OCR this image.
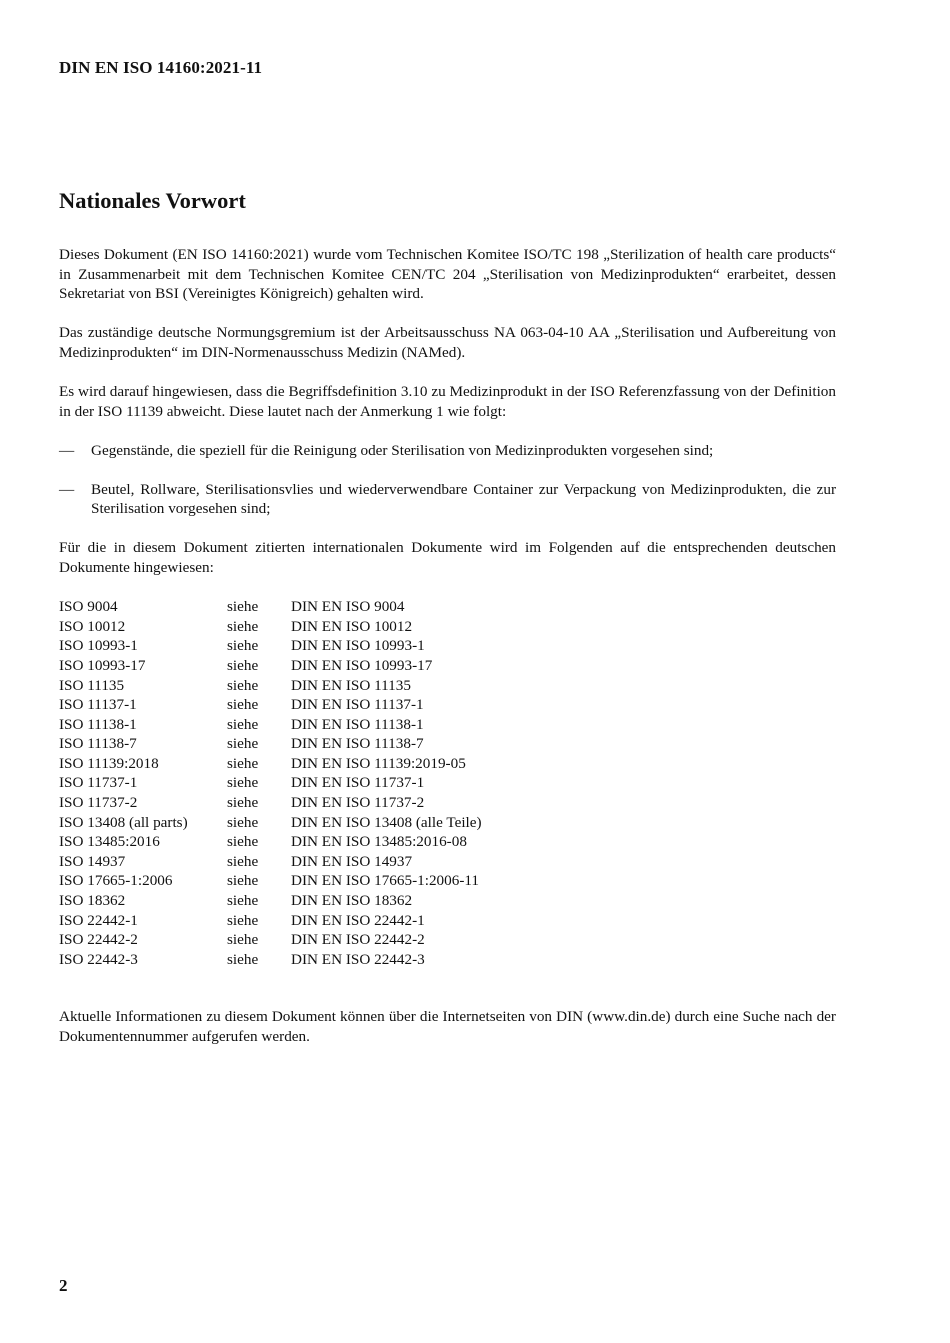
DIN EN ISO 14160:2021-11
Nationales Vorwort

Dieses Dokument (EN ISO 14160:2021) wurde vom Technischen Komitee ISO/TC 198 „Sterilization of health care products“ in Zusammenarbeit mit dem Technischen Komitee CEN/TC 204 „Sterilisation von Medizinprodukten“ erarbeitet, dessen Sekretariat von BSI (Vereinigtes Königreich) gehalten wird.

Das zuständige deutsche Normungsgremium ist der Arbeitsausschuss NA 063-04-10 AA „Sterilisation und Aufbereitung von Medizinprodukten“ im DIN-Normenausschuss Medizin (NAMed).

Es wird darauf hingewiesen, dass die Begriffsdefinition 3.10 zu Medizinprodukt in der ISO Referenzfassung von der Definition in der ISO 11139 abweicht. Diese lautet nach der Anmerkung 1 wie folgt:

— Gegenstände, die speziell für die Reinigung oder Sterilisation von Medizinprodukten vorgesehen sind;
— Beutel, Rollware, Sterilisationsvlies und wiederverwendbare Container zur Verpackung von Medizinprodukten, die zur Sterilisation vorgesehen sind;

Für die in diesem Dokument zitierten internationalen Dokumente wird im Folgenden auf die entsprechenden deutschen Dokumente hingewiesen:

ISO 9004	siehe	DIN EN ISO 9004
ISO 10012	siehe	DIN EN ISO 10012
ISO 10993-1	siehe	DIN EN ISO 10993-1
ISO 10993-17	siehe	DIN EN ISO 10993-17
ISO 11135	siehe	DIN EN ISO 11135
ISO 11137-1	siehe	DIN EN ISO 11137-1
ISO 11138-1	siehe	DIN EN ISO 11138-1
ISO 11138-7	siehe	DIN EN ISO 11138-7
ISO 11139:2018	siehe	DIN EN ISO 11139:2019-05
ISO 11737-1	siehe	DIN EN ISO 11737-1
ISO 11737-2	siehe	DIN EN ISO 11737-2
ISO 13408 (all parts)	siehe	DIN EN ISO 13408 (alle Teile)
ISO 13485:2016	siehe	DIN EN ISO 13485:2016-08
ISO 14937	siehe	DIN EN ISO 14937
ISO 17665-1:2006	siehe	DIN EN ISO 17665-1:2006-11
ISO 18362	siehe	DIN EN ISO 18362
ISO 22442-1	siehe	DIN EN ISO 22442-1
ISO 22442-2	siehe	DIN EN ISO 22442-2
ISO 22442-3	siehe	DIN EN ISO 22442-3

Aktuelle Informationen zu diesem Dokument können über die Internetseiten von DIN (www.din.de) durch eine Suche nach der Dokumentennummer aufgerufen werden.

2
